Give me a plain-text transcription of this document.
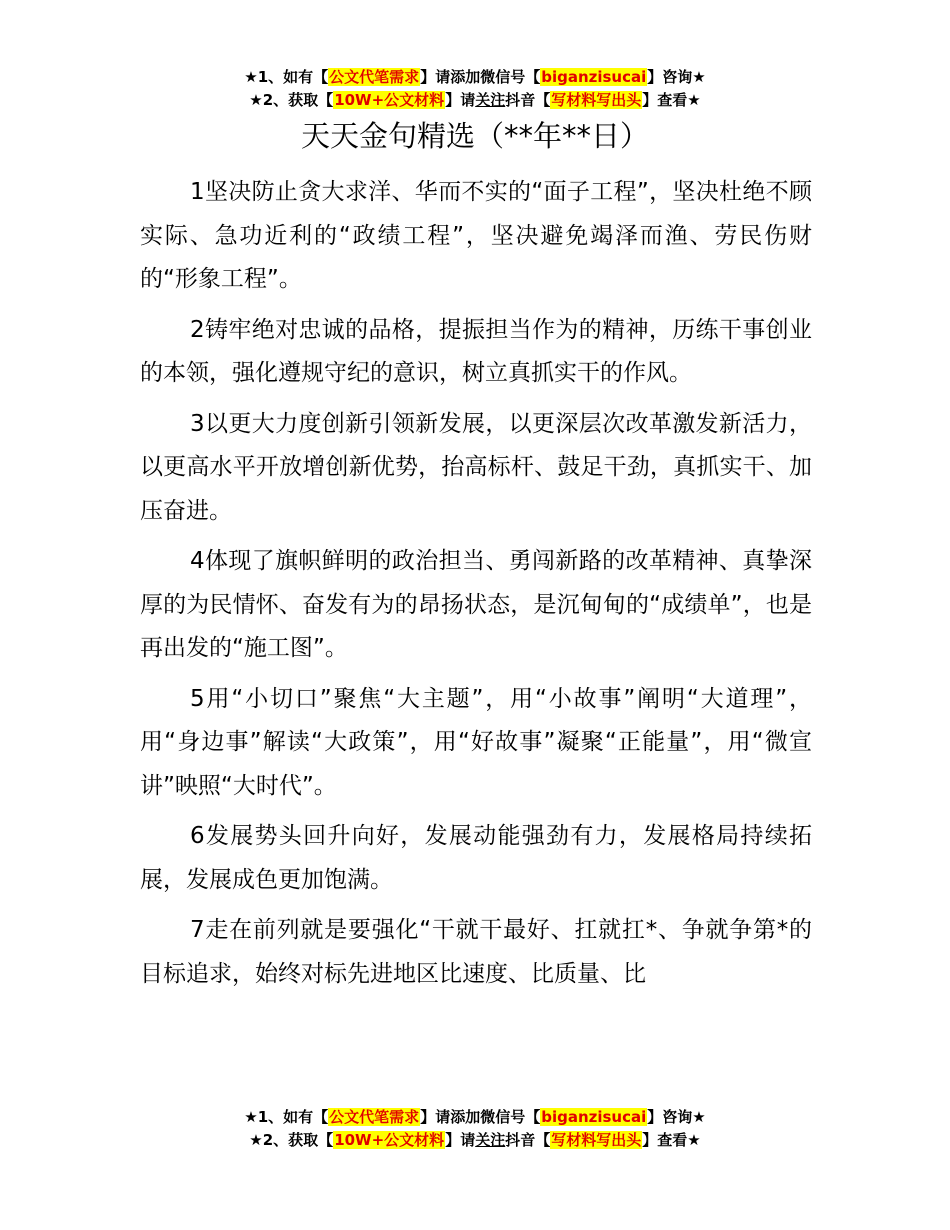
★1、如有【公文代笔需求】请添加微信号【biganzisucai】咨询★
★2、获取【10W+公文材料】请关注抖音【写材料写出头】查看★
天天金句精选（**年**日）

1坚决防止贪大求洋、华而不实的“面子工程”，坚决杜绝不顾实际、急功近利的“政绩工程”，坚决避免竭泽而渔、劳民伤财的“形象工程”。

2铸牢绝对忠诚的品格，提振担当作为的精神，历练干事创业的本领，强化遵规守纪的意识，树立真抓实干的作风。

3以更大力度创新引领新发展，以更深层次改革激发新活力，以更高水平开放增创新优势，抬高标杆、鼓足干劲，真抓实干、加压奋进。

4体现了旗帜鲜明的政治担当、勇闯新路的改革精神、真挚深厚的为民情怀、奋发有为的昂扬状态，是沉甸甸的“成绩单”，也是再出发的“施工图”。

5用“小切口”聚焦“大主题”，用“小故事”阐明“大道理”，用“身边事”解读“大政策”，用“好故事”凝聚“正能量”，用“微宣讲”映照“大时代”。

6发展势头回升向好，发展动能强劲有力，发展格局持续拓展，发展成色更加饱满。

7走在前列就是要强化“干就干最好、扛就扛*、争就争第*的目标追求，始终对标先进地区比速度、比质量、比

★1、如有【公文代笔需求】请添加微信号【biganzisucai】咨询★
★2、获取【10W+公文材料】请关注抖音【写材料写出头】查看★
